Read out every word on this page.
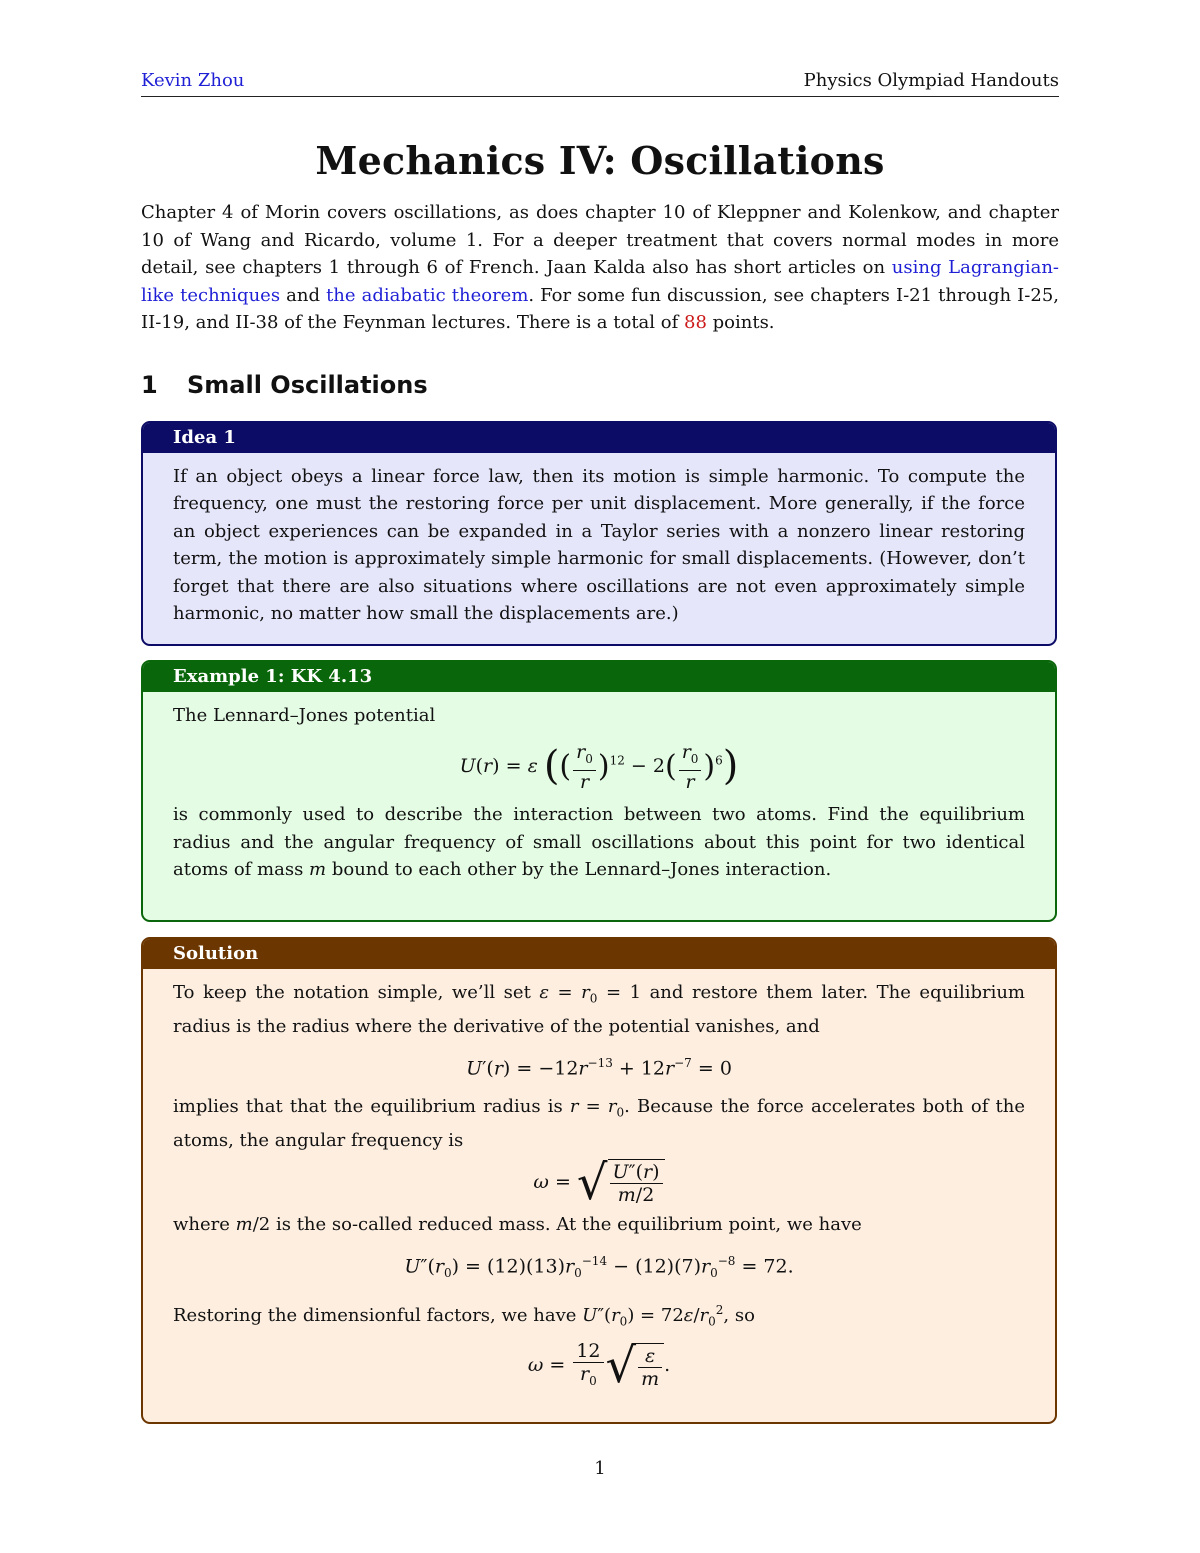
Kevin Zhou	Physics Olympiad Handouts
Mechanics IV: Oscillations
Chapter 4 of Morin covers oscillations, as does chapter 10 of Kleppner and Kolenkow, and chapter 10 of Wang and Ricardo, volume 1. For a deeper treatment that covers normal modes in more detail, see chapters 1 through 6 of French. Jaan Kalda also has short articles on using Lagrangian-like techniques and the adiabatic theorem. For some fun discussion, see chapters I-21 through I-25, II-19, and II-38 of the Feynman lectures. There is a total of 88 points.
1 Small Oscillations
Idea 1
If an object obeys a linear force law, then its motion is simple harmonic. To compute the frequency, one must the restoring force per unit displacement. More generally, if the force an object experiences can be expanded in a Taylor series with a nonzero linear restoring term, the motion is approximately simple harmonic for small displacements. (However, don’t forget that there are also situations where oscillations are not even approximately simple harmonic, no matter how small the displacements are.)
Example 1: KK 4.13
The Lennard–Jones potential
U(r) = ε (( $\frac{r_0}{r} )^{12} - 2( \frac{r_0}{r} )^6$)
is commonly used to describe the interaction between two atoms. Find the equilibrium radius and the angular frequency of small oscillations about this point for two identical atoms of mass m bound to each other by the Lennard–Jones interaction.
Solution
To keep the notation simple, we’ll set $\varepsilon = r_0 = 1$ and restore them later. The equilibrium radius is the radius where the derivative of the potential vanishes, and
$U'(r) = -12r^{-13} + 12r^{-7} = 0$
implies that that the equilibrium radius is $r = r_0$. Because the force accelerates both of the atoms, the angular frequency is
ω = √ $\frac{U''(r)}{m/2}$
where m/2 is the so-called reduced mass. At the equilibrium point, we have
$U''(r_0) = (12)(13)r_0^{-14} - (12)(7)r_0^{-8} = 72$.
Restoring the dimensionful factors, we have $U''(r_0) = 72\varepsilon/r_0^2$, so
$\omega = \frac{12}{r_0}$ √ $\frac{\varepsilon}{m}$ .
1
